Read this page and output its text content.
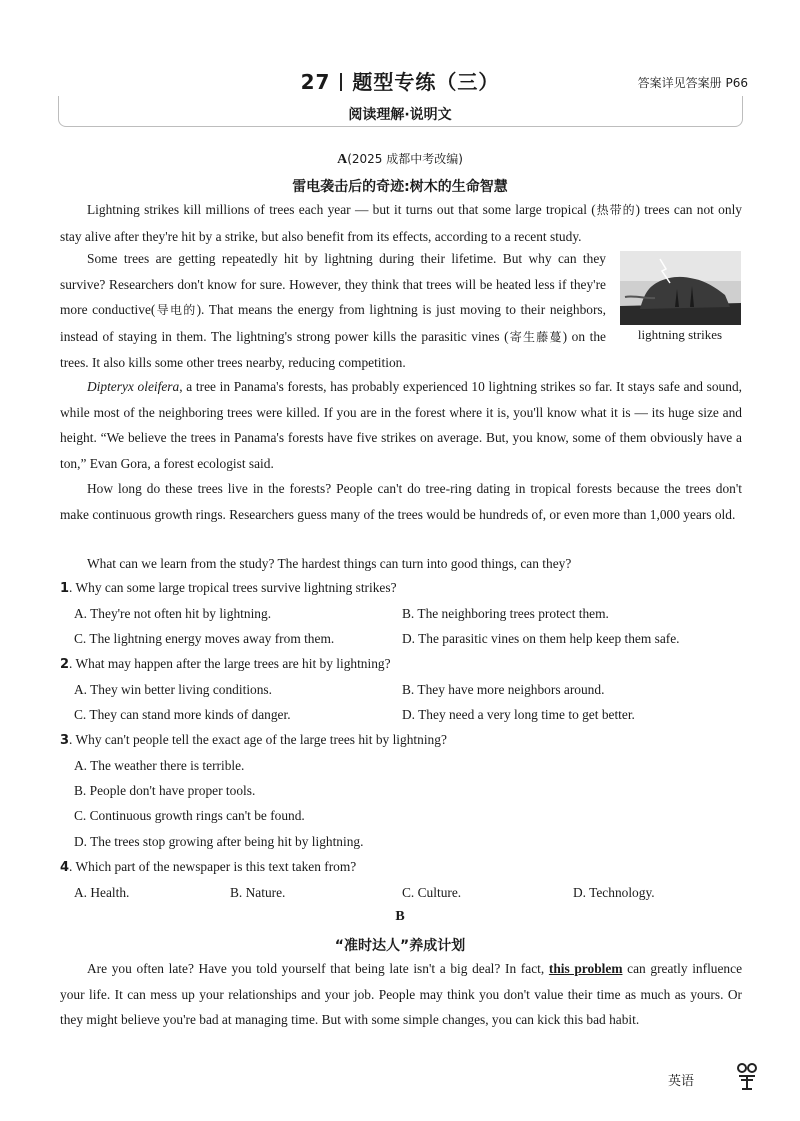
27 题型专练（三）	答案详见答案册 P66
阅读理解·说明文
A(2025 成都中考改编)
雷电袭击后的奇迹:树木的生命智慧

Lightning strikes kill millions of trees each year — but it turns out that some large tropical (热带的) trees can not only stay alive after they're hit by a strike, but also benefit from its effects, according to a recent study.

Some trees are getting repeatedly hit by lightning during their lifetime. But why can they survive? Researchers don't know for sure. However, they think that trees will be heated less if they're more conductive(导电的). That means the energy from lightning is just moving to their neighbors, instead of staying in them. The lightning's strong power kills the parasitic vines (寄生藤蔓) on the trees. It also kills some other trees nearby, reducing competition.
lightning strikes

Dipteryx oleifera, a tree in Panama's forests, has probably experienced 10 lightning strikes so far. It stays safe and sound, while most of the neighboring trees were killed. If you are in the forest where it is, you'll know what it is — its huge size and height. “We believe the trees in Panama's forests have five strikes on average. But, you know, some of them obviously have a ton,” Evan Gora, a forest ecologist said.

How long do these trees live in the forests? People can't do tree-ring dating in tropical forests because the trees don't make continuous growth rings. Researchers guess many of the trees would be hundreds of, or even more than 1,000 years old.

What can we learn from the study? The hardest things can turn into good things, can they?

1. Why can some large tropical trees survive lightning strikes?
A. They're not often hit by lightning.	B. The neighboring trees protect them.
C. The lightning energy moves away from them.	D. The parasitic vines on them help keep them safe.
2. What may happen after the large trees are hit by lightning?
A. They win better living conditions.	B. They have more neighbors around.
C. They can stand more kinds of danger.	D. They need a very long time to get better.
3. Why can't people tell the exact age of the large trees hit by lightning?
A. The weather there is terrible.
B. People don't have proper tools.
C. Continuous growth rings can't be found.
D. The trees stop growing after being hit by lightning.
4. Which part of the newspaper is this text taken from?
A. Health.	B. Nature.	C. Culture.	D. Technology.
B
“准时达人”养成计划

Are you often late? Have you told yourself that being late isn't a big deal? In fact, this problem can greatly influence your life. It can mess up your relationships and your job. People may think you don't value their time as much as yours. Or they might believe you're bad at managing time. But with some simple changes, you can kick this bad habit.

英语
